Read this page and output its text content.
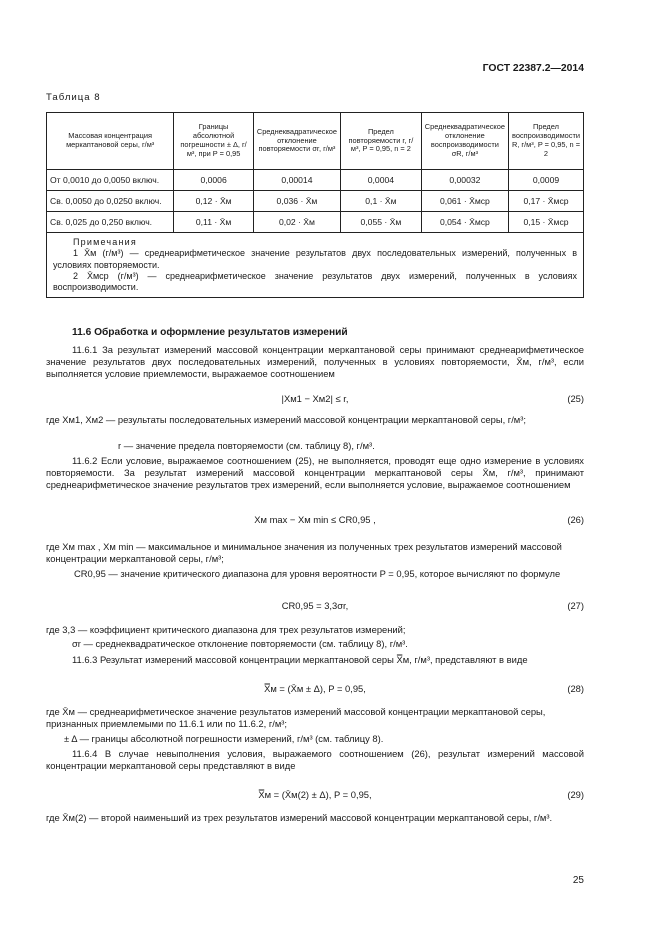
ГОСТ 22387.2—2014
Таблица 8
Массовая концентрация меркаптановой серы, г/м³	Границы абсолютной погрешности ± Δ, г/м³, при P = 0,95	Среднеквадратическое отклонение повторяемости σr, г/м³	Предел повторяемости r, г/м³, P = 0,95, n = 2	Среднеквадратическое отклонение воспроизводимости σR, г/м³	Предел воспроизводимости R, г/м³, P = 0,95, n = 2
От 0,0010 до 0,0050 включ.	0,0006	0,00014	0,0004	0,00032	0,0009
Св. 0,0050 до 0,0250 включ.	0,12 · X̄м	0,036 · X̄м	0,1 · X̄м	0,061 · X̄мср	0,17 · X̄мср
Св. 0,025 до 0,250 включ.	0,11 · X̄м	0,02 · X̄м	0,055 · X̄м	0,054 · X̄мср	0,15 · X̄мср

Примечания
1 X̄м (г/м³) — среднеарифметическое значение результатов двух последовательных измерений, полученных в условиях повторяемости.
2 X̄мср (г/м³) — среднеарифметическое значение результатов двух измерений, полученных в условиях воспроизводимости.					
11.6 Обработка и оформление результатов измерений
11.6.1 За результат измерений массовой концентрации меркаптановой серы принимают среднеарифметическое значение результатов двух последовательных измерений, полученных в условиях повторяемости, X̄м, г/м³, если выполняется условие приемлемости, выражаемое соотношением
|Xм1 − Xм2| ≤ r,	(25)
где Xм1, Xм2 — результаты последовательных измерений массовой концентрации меркаптановой серы, г/м³;
r — значение предела повторяемости (см. таблицу 8), г/м³.
11.6.2 Если условие, выражаемое соотношением (25), не выполняется, проводят еще одно измерение в условиях повторяемости. За результат измерений массовой концентрации меркаптановой серы X̄м, г/м³, принимают среднеарифметическое значение результатов трех измерений, если выполняется условие, выражаемое соотношением
Xм max − Xм min ≤ CR0,95 ,	(26)
где Xм max , Xм min — максимальное и минимальное значения из полученных трех результатов измерений массовой концентрации меркаптановой серы, г/м³;
CR0,95 — значение критического диапазона для уровня вероятности P = 0,95, которое вычисляют по формуле
CR0,95 = 3,3σr,	(27)
где 3,3 — коэффициент критического диапазона для трех результатов измерений;
σr — среднеквадратическое отклонение повторяемости (см. таблицу 8), г/м³.
11.6.3 Результат измерений массовой концентрации меркаптановой серы X̿м, г/м³, представляют в виде
X̿м = (X̄м ± Δ), P = 0,95,	(28)
где X̄м — среднеарифметическое значение результатов измерений массовой концентрации меркаптановой серы, признанных приемлемыми по 11.6.1 или по 11.6.2, г/м³;
± Δ — границы абсолютной погрешности измерений, г/м³ (см. таблицу 8).
11.6.4 В случае невыполнения условия, выражаемого соотношением (26), результат измерений массовой концентрации меркаптановой серы представляют в виде
X̿м = (X̄м(2) ± Δ), P = 0,95,	(29)
где X̄м(2) — второй наименьший из трех результатов измерений массовой концентрации меркаптановой серы, г/м³.
25
